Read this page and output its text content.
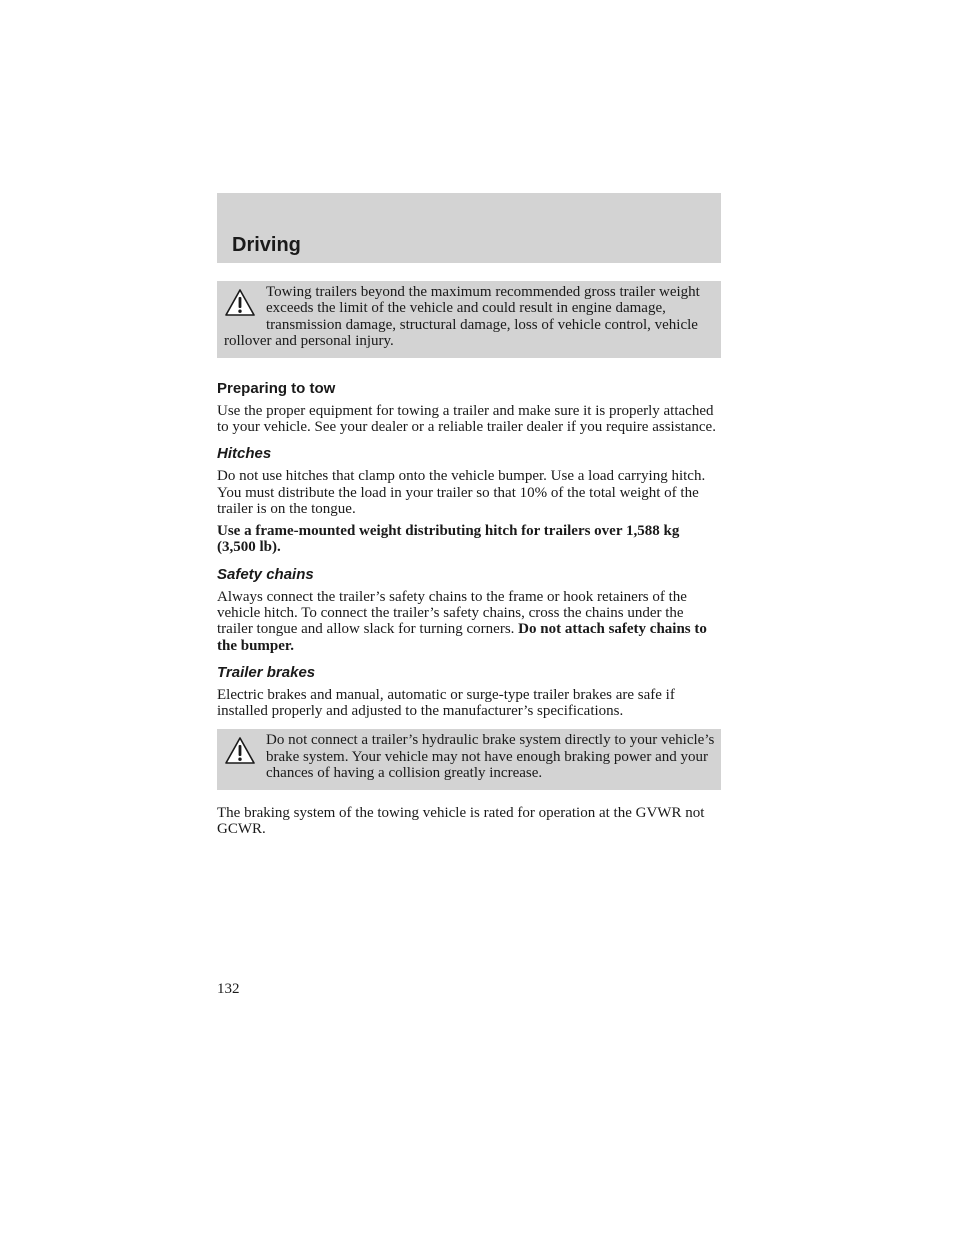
Driving
Towing trailers beyond the maximum recommended gross trailer weight exceeds the limit of the vehicle and could result in engine damage, transmission damage, structural damage, loss of vehicle control, vehicle rollover and personal injury.
Preparing to tow

Use the proper equipment for towing a trailer and make sure it is properly attached to your vehicle. See your dealer or a reliable trailer dealer if you require assistance.

Hitches

Do not use hitches that clamp onto the vehicle bumper. Use a load carrying hitch. You must distribute the load in your trailer so that 10% of the total weight of the trailer is on the tongue.

Use a frame-mounted weight distributing hitch for trailers over 1,588 kg (3,500 lb).

Safety chains

Always connect the trailer’s safety chains to the frame or hook retainers of the vehicle hitch. To connect the trailer’s safety chains, cross the chains under the trailer tongue and allow slack for turning corners. Do not attach safety chains to the bumper.

Trailer brakes

Electric brakes and manual, automatic or surge-type trailer brakes are safe if installed properly and adjusted to the manufacturer’s specifications.

Do not connect a trailer’s hydraulic brake system directly to your vehicle’s brake system. Your vehicle may not have enough braking power and your chances of having a collision greatly increase.

The braking system of the towing vehicle is rated for operation at the GVWR not GCWR.

132
